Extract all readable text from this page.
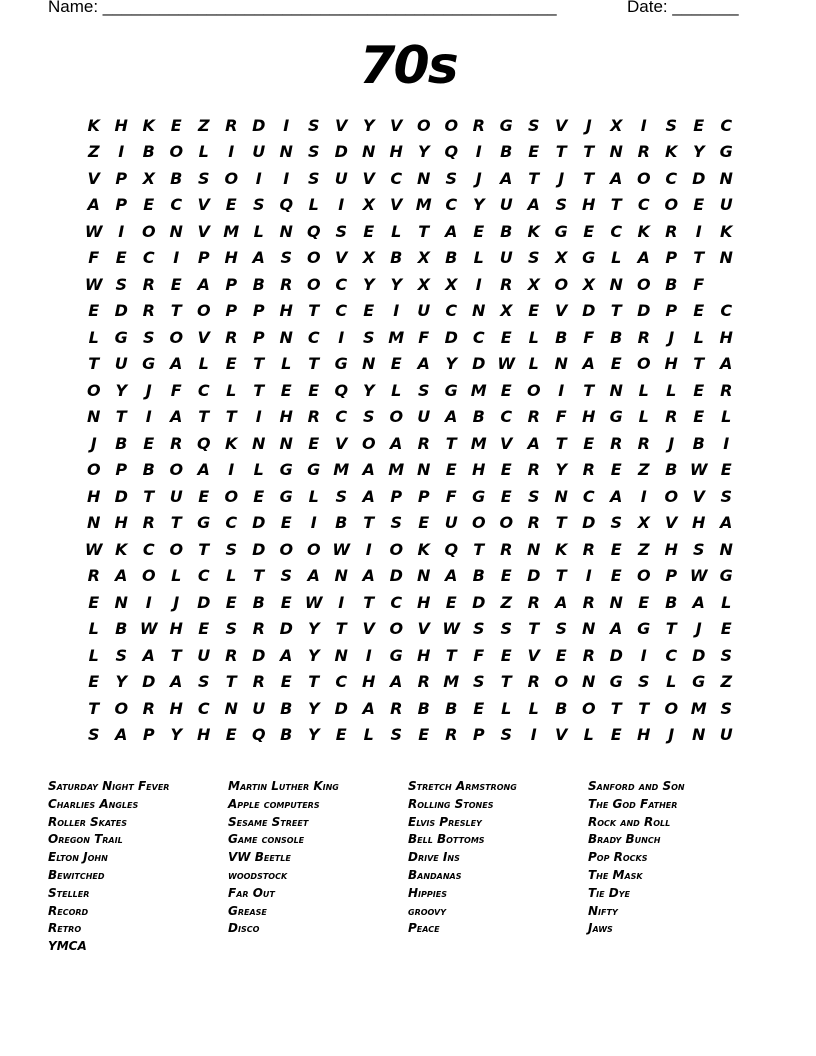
Name: ________________________________________________	Date: _______
70s
K H K E	Z R D	I	S V Y V O O R G S V	J	X	I	S	E	C
Z	I	B O L	I	U N S D N H Y Q	I	B E	T	T N R K Y G
V P X B S O	I	I	S U V C N S	J	A T	J	T A O C D N
A P	E	C V E	S Q L	I	X V M C Y U A S H T	C O E U
W I	O N V M L N Q S	E	L	T A E B K G E	C K R	I	K
F	E	C	I	P H A S O V X B X B	L U S X G L	A P	T N
W S R E A P B R O C Y Y X X	I	R X O X N O B F
E D R T O P P H T	C	E	I	U C N X E V D T D P	E	C
L G S O V R P N C	I	S M F D C	E	L	B F B R	J	L H
T U G A	L	E	T	L	T G N E A Y D W L N A E O H T A
O Y	J	F	C	L	T	E	E Q Y	L	S G M E O	I	T N L	L	E R
N T	I	A T	T	I	H R C S O U A B C R F H G L	R E	L
J	B E R Q K N N E V O A R T M V A T	E R R	J	B	I
O P B O A	I	L G G M A M N E H E R Y R E	Z B W E
H D T U E O E G L	S A P P	F G E	S N C A	I	O V S
N H R T G C D E	I	B T	S	E U O O R T D S X V H A
W K C O T	S D O O W I	O K Q T R N K R E	Z H S N
R A O L	C	L	T	S A N A D N A B E D T	I	E O P W G
E N	I	J	D E B E W I	T	C H E D Z R A R N E B A	L
L	B W H E	S R D Y	T V O V W S S	T	S N A G T	J	E
L	S A T U R D A Y N	I	G H T	F	E V E R D	I	C D S
E	Y D A S	T R E	T	C H A R M S	T R O N G S	L G Z
T O R H C N U B Y D A R B B E	L	L	B O T	T O M S
S A P Y H E Q B Y	E	L	S	E R P S	I	V	L	E H	J	N U
Saturday Night Fever
Charlies Angles
Roller Skates
Oregon Trail
Elton John
Bewitched
Steller
Record
Retro
YMCA
Martin Luther King
Apple computers
Sesame Street
Game console
VW Beetle
woodstock
Far Out
Grease
Disco
Stretch Armstrong
Rolling Stones
Elvis Presley
Bell Bottoms
Drive Ins
Bandanas
Hippies
groovy
Peace
Sanford and Son
The God Father
Rock and Roll
Brady Bunch
Pop Rocks
The Mask
Tie Dye
Nifty
Jaws
